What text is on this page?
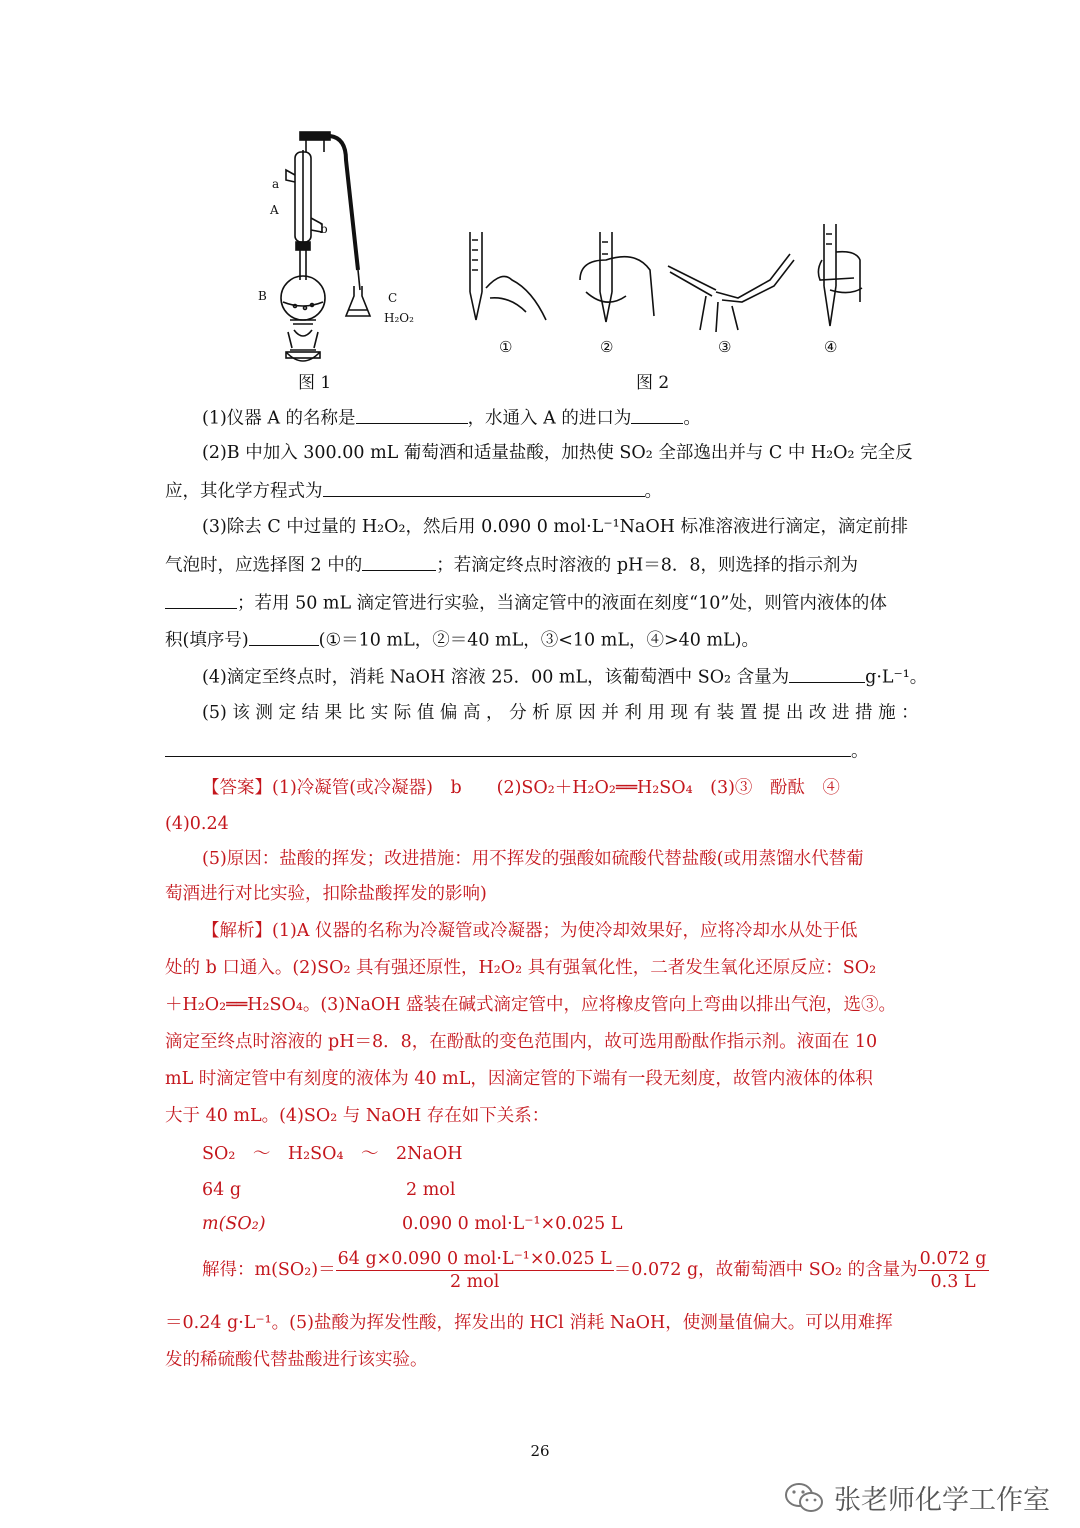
a
A
b
B	C
H₂O₂
①	②	③	④
图 1	图 2
(1)仪器 A 的名称是	，水通入 A 的进口为	。
(2)B 中加入 300.00 mL 葡萄酒和适量盐酸，加热使 SO₂ 全部逸出并与 C 中 H₂O₂ 完全反
应，其化学方程式为	。
(3)除去 C 中过量的 H₂O₂，然后用 0.090 0 mol·L⁻¹NaOH 标准溶液进行滴定，滴定前排
气泡时，应选择图 2 中的	；若滴定终点时溶液的 pH＝8．8，则选择的指示剂为
；若用 50 mL 滴定管进行实验，当滴定管中的液面在刻度“10”处，则管内液体的体
积(填序号)	(①＝10 mL，②＝40 mL，③<10 mL，④>40 mL)。
(4)滴定至终点时，消耗 NaOH 溶液 25．00 mL，该葡萄酒中 SO₂ 含量为	g·L⁻¹。
(5) 该 测 定 结 果 比 实 际 值 偏 高 ， 分 析 原 因 并 利 用 现 有 装 置 提 出 改 进 措 施 ：
。
【答案】(1)冷凝管(或冷凝器)　b　　(2)SO₂＋H₂O₂══H₂SO₄　(3)③　酚酞　④
(4)0.24
(5)原因：盐酸的挥发；改进措施：用不挥发的强酸如硫酸代替盐酸(或用蒸馏水代替葡
萄酒进行对比实验，扣除盐酸挥发的影响)
【解析】(1)A 仪器的名称为冷凝管或冷凝器；为使冷却效果好，应将冷却水从处于低
处的 b 口通入。(2)SO₂ 具有强还原性，H₂O₂ 具有强氧化性，二者发生氧化还原反应：SO₂
＋H₂O₂══H₂SO₄。(3)NaOH 盛装在碱式滴定管中，应将橡皮管向上弯曲以排出气泡，选③。
滴定至终点时溶液的 pH＝8．8，在酚酞的变色范围内，故可选用酚酞作指示剂。液面在 10
mL 时滴定管中有刻度的液体为 40 mL，因滴定管的下端有一段无刻度，故管内液体的体积
大于 40 mL。(4)SO₂ 与 NaOH 存在如下关系：
SO₂　～　H₂SO₄　～　2NaOH
64 g	2 mol
m(SO₂)	0.090 0 mol·L⁻¹×0.025 L
解得：$m(SO_2)= \frac{\text{64 g×0.090 0 mol·L⁻¹×0.025 L}}{\text{2 mol}} =0.072$ g，故葡萄酒中 SO₂ 的含量为 $\frac{0.072 g}{0.3 L}$
＝0.24 g·L⁻¹。(5)盐酸为挥发性酸，挥发出的 HCl 消耗 NaOH，使测量值偏大。可以用难挥
发的稀硫酸代替盐酸进行该实验。
26
张老师化学工作室
